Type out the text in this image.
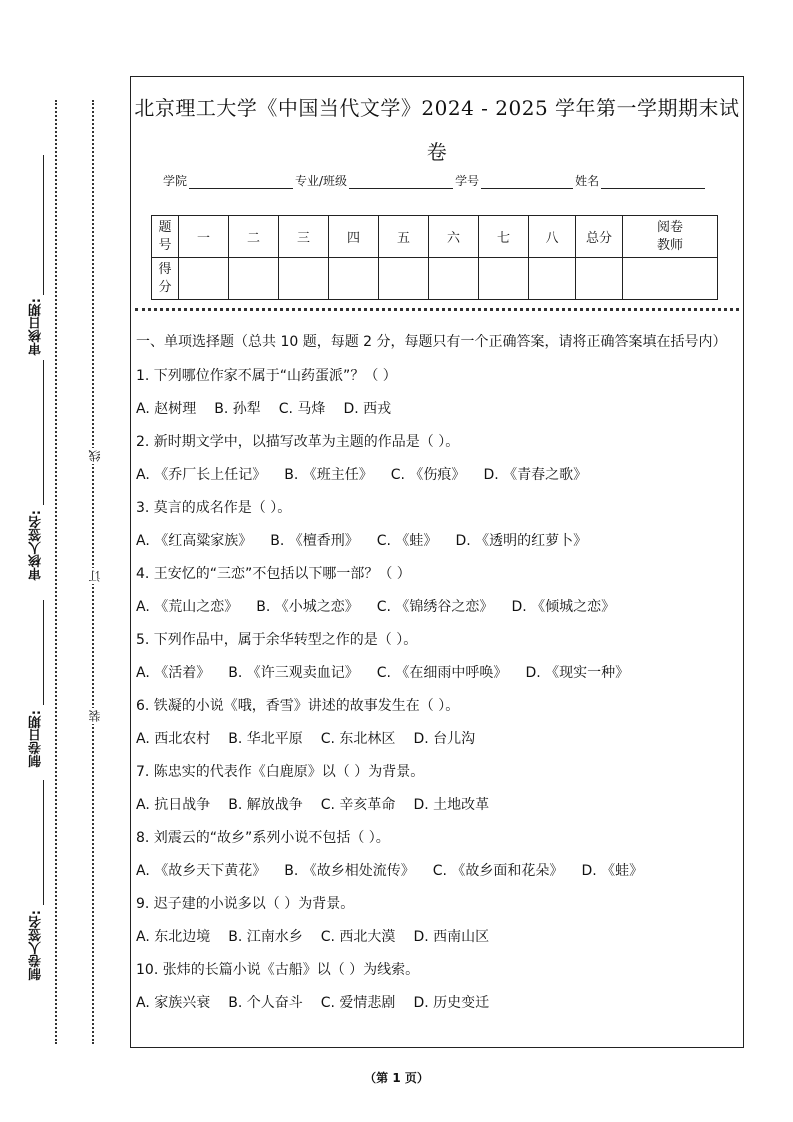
审核日期:
审核人签名:
制卷日期:
制卷人签名:
线
订
装
北京理工大学《中国当代文学》2024 - 2025 学年第一学期期末试
卷
学院	专业/班级	学号	姓名
题号	一	二	三	四	五	六	七	八	总分	阅卷教师
得分										
一、单项选择题（总共 10 题，每题 2 分，每题只有一个正确答案，请将正确答案填在括号内）
1. 下列哪位作家不属于“山药蛋派”？（ ）
A. 赵树理 B. 孙犁 C. 马烽 D. 西戎
2. 新时期文学中，以描写改革为主题的作品是（ ）。
A. 《乔厂长上任记》 B. 《班主任》 C. 《伤痕》 D. 《青春之歌》
3. 莫言的成名作是（ ）。
A. 《红高粱家族》 B. 《檀香刑》 C. 《蛙》 D. 《透明的红萝卜》
4. 王安忆的“三恋”不包括以下哪一部？（ ）
A. 《荒山之恋》 B. 《小城之恋》 C. 《锦绣谷之恋》 D. 《倾城之恋》
5. 下列作品中，属于余华转型之作的是（ ）。
A. 《活着》 B. 《许三观卖血记》 C. 《在细雨中呼唤》 D. 《现实一种》
6. 铁凝的小说《哦，香雪》讲述的故事发生在（ ）。
A. 西北农村 B. 华北平原 C. 东北林区 D. 台儿沟
7. 陈忠实的代表作《白鹿原》以（ ）为背景。
A. 抗日战争 B. 解放战争 C. 辛亥革命 D. 土地改革
8. 刘震云的“故乡”系列小说不包括（ ）。
A. 《故乡天下黄花》 B. 《故乡相处流传》 C. 《故乡面和花朵》 D. 《蛙》
9. 迟子建的小说多以（ ）为背景。
A. 东北边境 B. 江南水乡 C. 西北大漠 D. 西南山区
10. 张炜的长篇小说《古船》以（ ）为线索。
A. 家族兴衰 B. 个人奋斗 C. 爱情悲剧 D. 历史变迁
（第 1 页）
